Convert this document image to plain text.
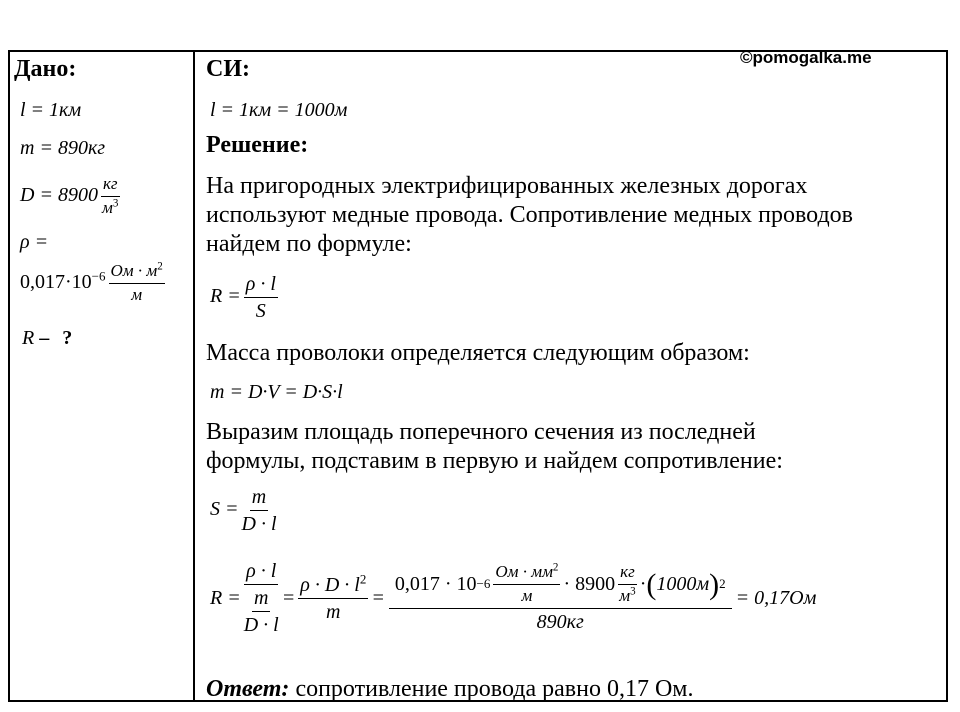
©pomogalka.me
Дано:
l = 1км
m = 890кг
$D = 8900 \frac{кг}{м^3}$
ρ =
$0,017\cdot 10^{-6} \frac{Ом \cdot м^2}{м}$
R – ?
СИ:
l = 1км = 1000м
Решение:
На пригородных электрифицированных железных дорогах
используют медные провода. Сопротивление медных проводов
найдем по формуле:
$R = \frac{\rho \cdot l}{S}$
Масса проволоки определяется следующим образом:
m = D·V = D·S·l
Выразим площадь поперечного сечения из последней
формулы, подставим в первую и найдем сопротивление:
$S = \frac{m}{D \cdot l}$
$R = \frac{\rho \cdot l}{\frac{m}{D \cdot l}} = \frac{\rho \cdot D \cdot l^2}{m}$ =
$0,017 \cdot 10 -6 \frac{Ом \cdot мм^2}{м} \cdot 8900 \frac{кг}{м^3}$ · ( 1000м ) 2
890кг
= 0,17Ом
Ответ: сопротивление провода равно 0,17 Ом.
